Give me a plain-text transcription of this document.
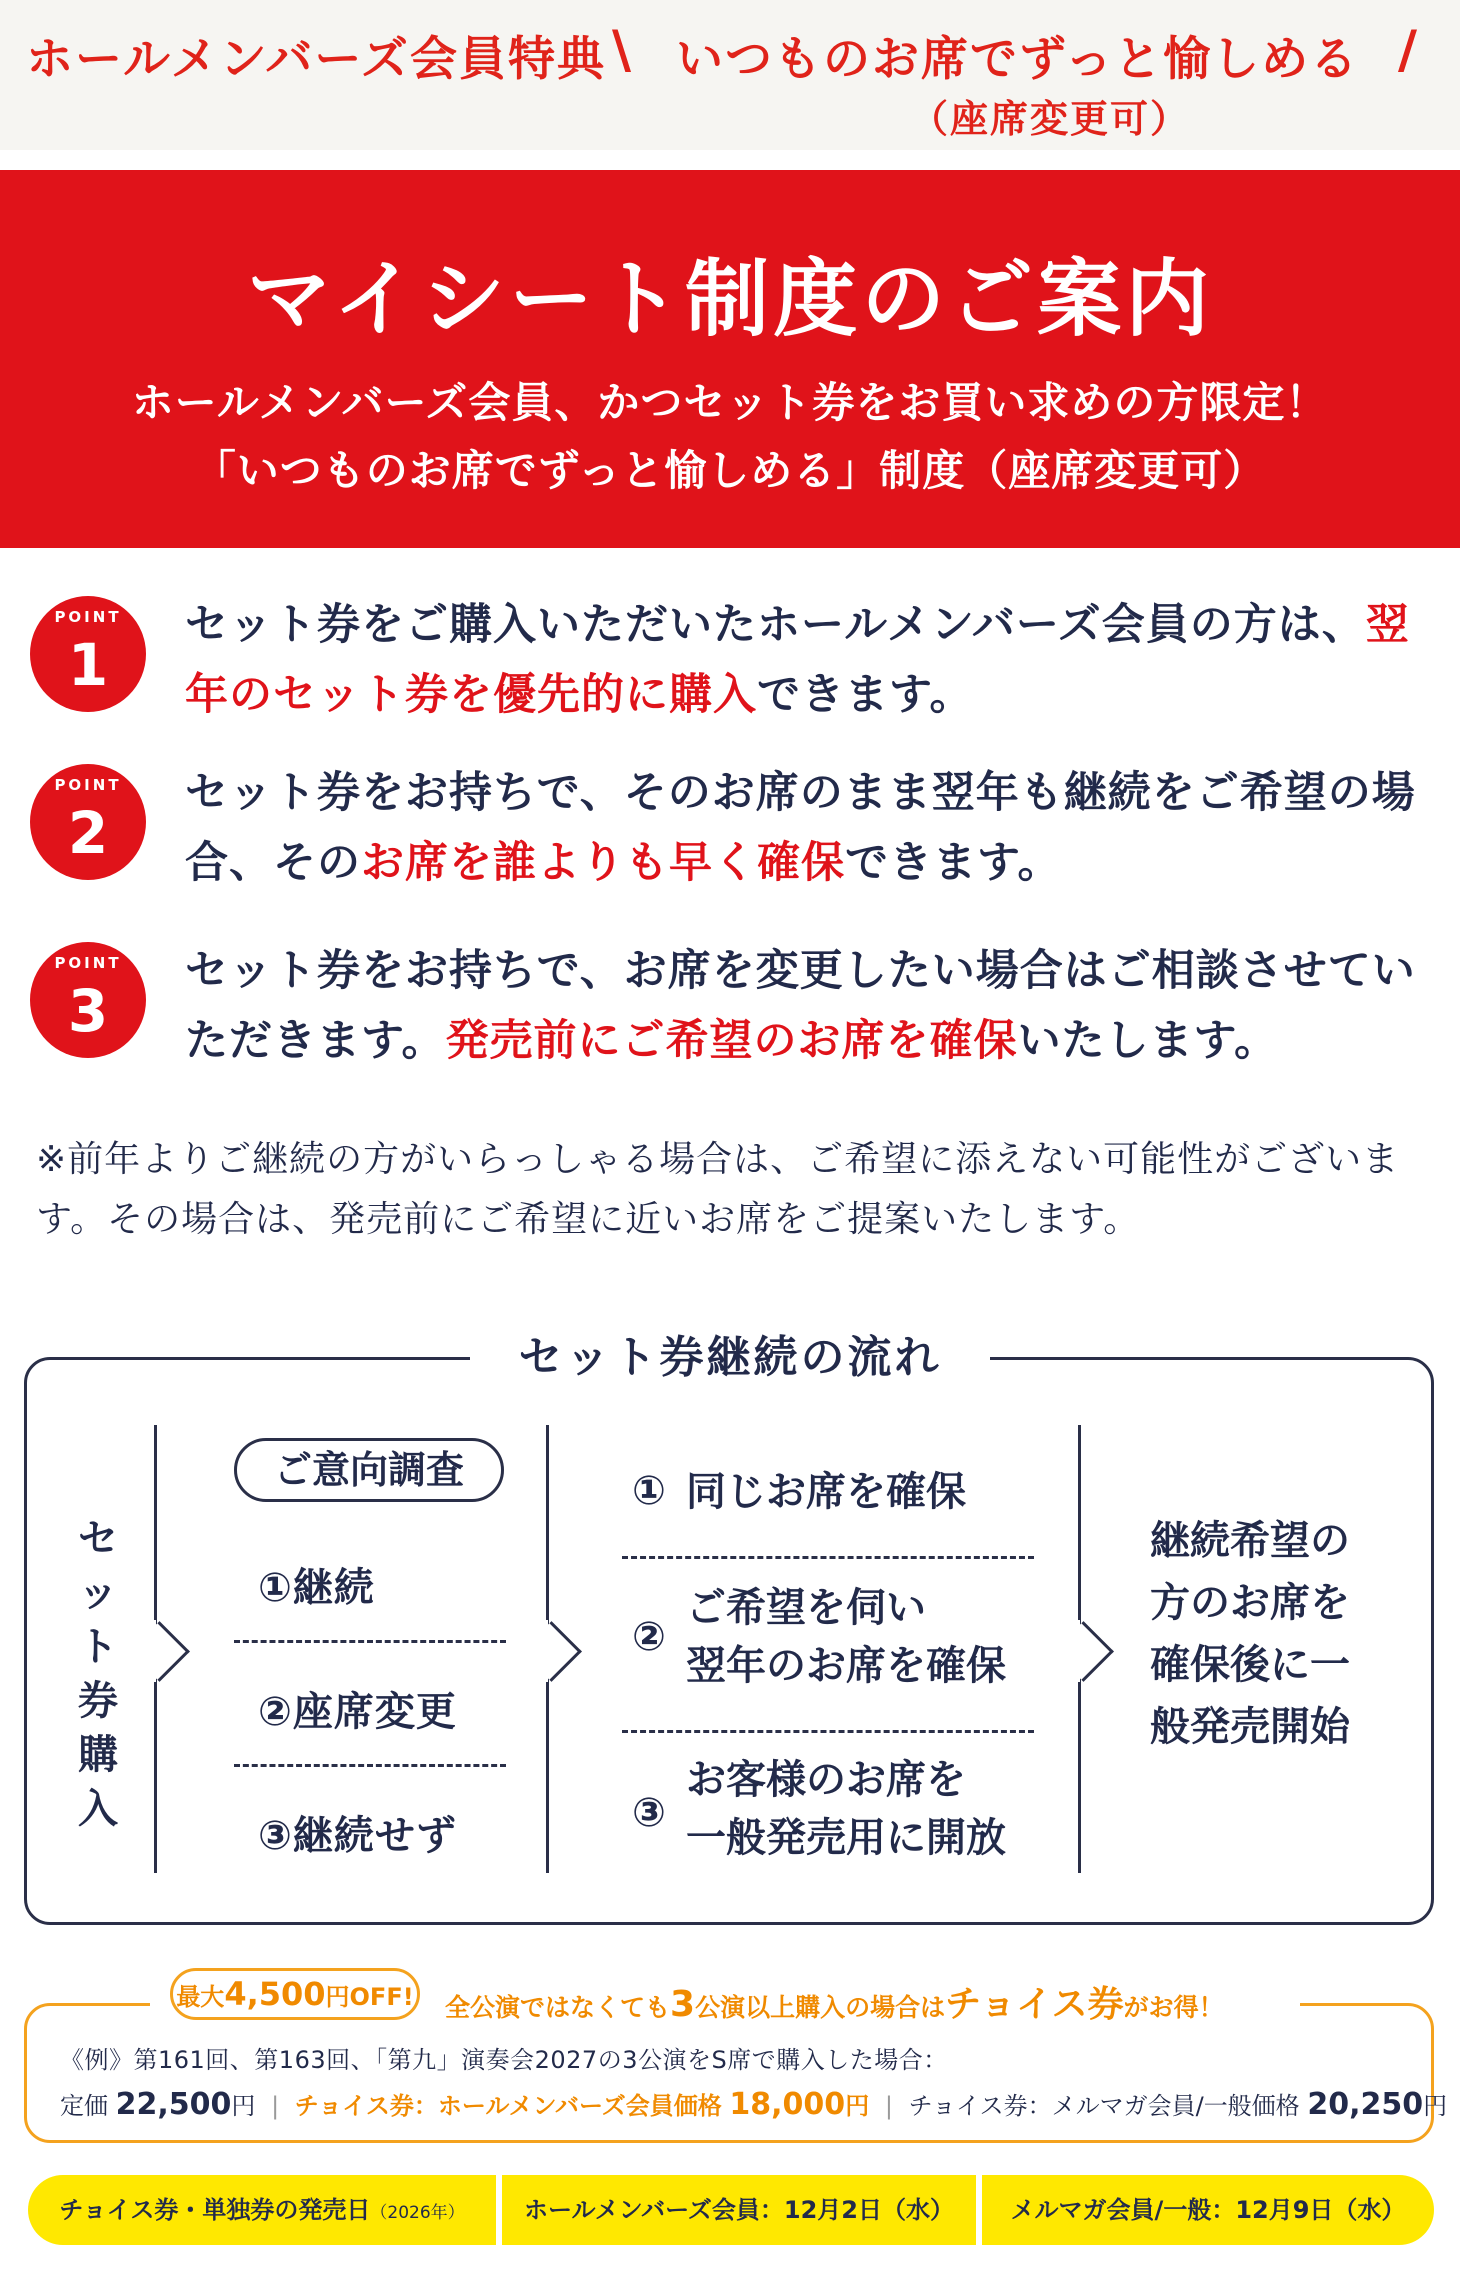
ホールメンバーズ会員特典 \ いつものお席でずっと愉しめる /
（座席変更可）
マイシート制度のご案内
ホールメンバーズ会員、かつセット券をお買い求めの方限定！
「いつものお席でずっと愉しめる」制度（座席変更可）
POINT
1
セット券をご購入いただいたホールメンバーズ会員の方は、翌年のセット券を優先的に購入できます。
POINT
2
セット券をお持ちで、そのお席のまま翌年も継続をご希望の場合、そのお席を誰よりも早く確保できます。
POINT
3
セット券をお持ちで、お席を変更したい場合はご相談させていただきます。発売前にご希望のお席を確保いたします。
※前年よりご継続の方がいらっしゃる場合は、ご希望に添えない可能性がございます。その場合は、発売前にご希望に近いお席をご提案いたします。
セット券継続の流れ
セ
ッ
ト
券
購
入
ご意向調査
①継続
②座席変更
③継続せず
① 同じお席を確保
②
ご希望を伺い
翌年のお席を確保
③
お客様のお席を
一般発売用に開放
継続希望の
方のお席を
確保後に一
般発売開始
最大4,500円OFF! 全公演ではなくても3公演以上購入の場合はチョイス券がお得！
《例》第161回、第163回、「第九」演奏会2027の3公演をS席で購入した場合：
定価 22,500円 | チョイス券：ホールメンバーズ会員価格 18,000円 | チョイス券：メルマガ会員/一般価格 20,250円
チョイス券・単独券の発売日（2026年）	ホールメンバーズ会員：12月2日（水）	メルマガ会員/一般：12月9日（水）
